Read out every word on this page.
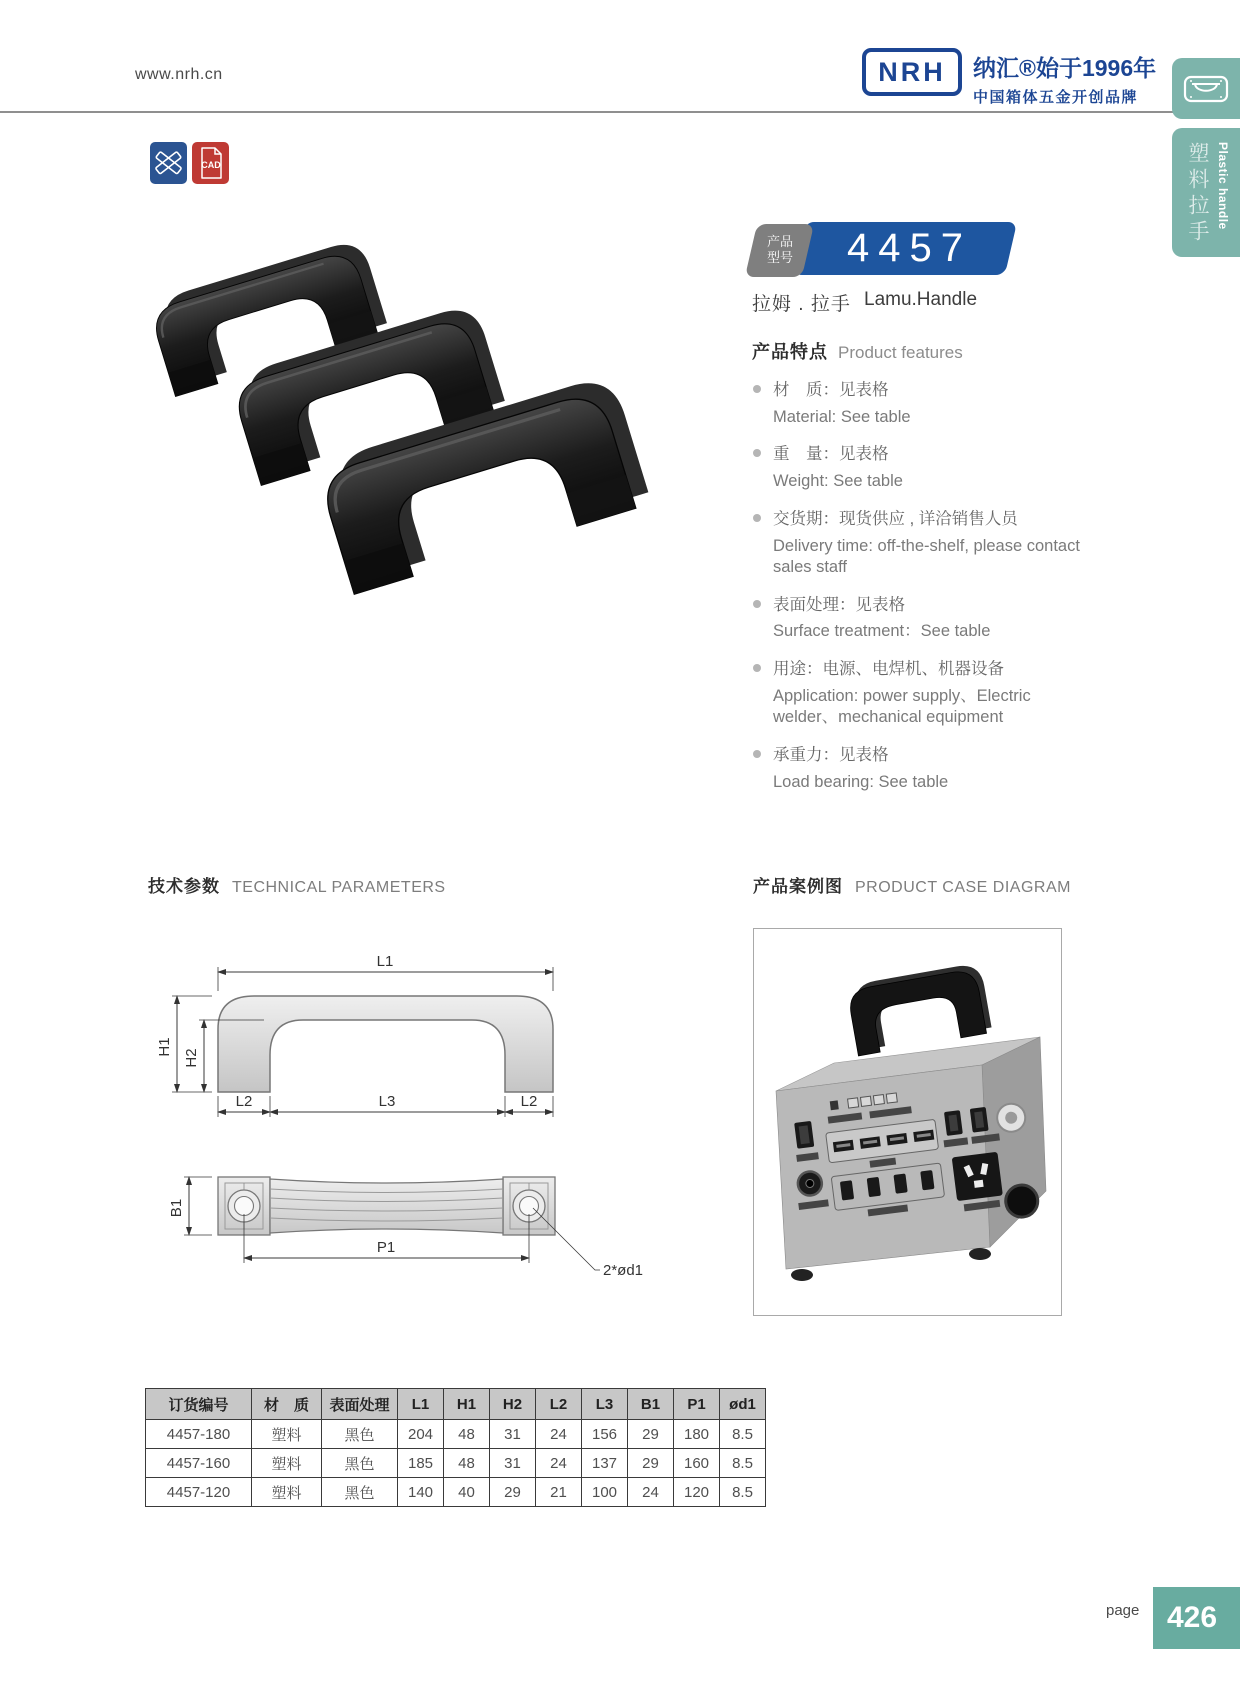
www.nrh.cn	NRH	纳汇®始于1996年
中国箱体五金开创品牌
CAD	塑料拉手 Plastic handle
产品型号 4457
拉姆 . 拉手 Lamu.Handle
产品特点 Product features
材　质：见表格
Material: See table
重　量：见表格
Weight: See table
交货期：现货供应 , 详洽销售人员
Delivery time: off-the-shelf, please contact sales staff
表面处理：见表格
Surface treatment：See table
用途：电源、电焊机、机器设备
Application: power supply、Electric welder、mechanical equipment
承重力：见表格
Load bearing: See table
技术参数 TECHNICAL PARAMETERS
L1
H1
H2
L2	L3	L2
B1
P1
2*ød1
产品案例图 PRODUCT CASE DIAGRAM
订货编号	材　质	表面处理	L1	H1	H2	L2	L3	B1	P1	ød1
4457-180	塑料	黑色	204	48	31	24	156	29	180	8.5
4457-160	塑料	黑色	185	48	31	24	137	29	160	8.5
4457-120	塑料	黑色	140	40	29	21	100	24	120	8.5
page 426
